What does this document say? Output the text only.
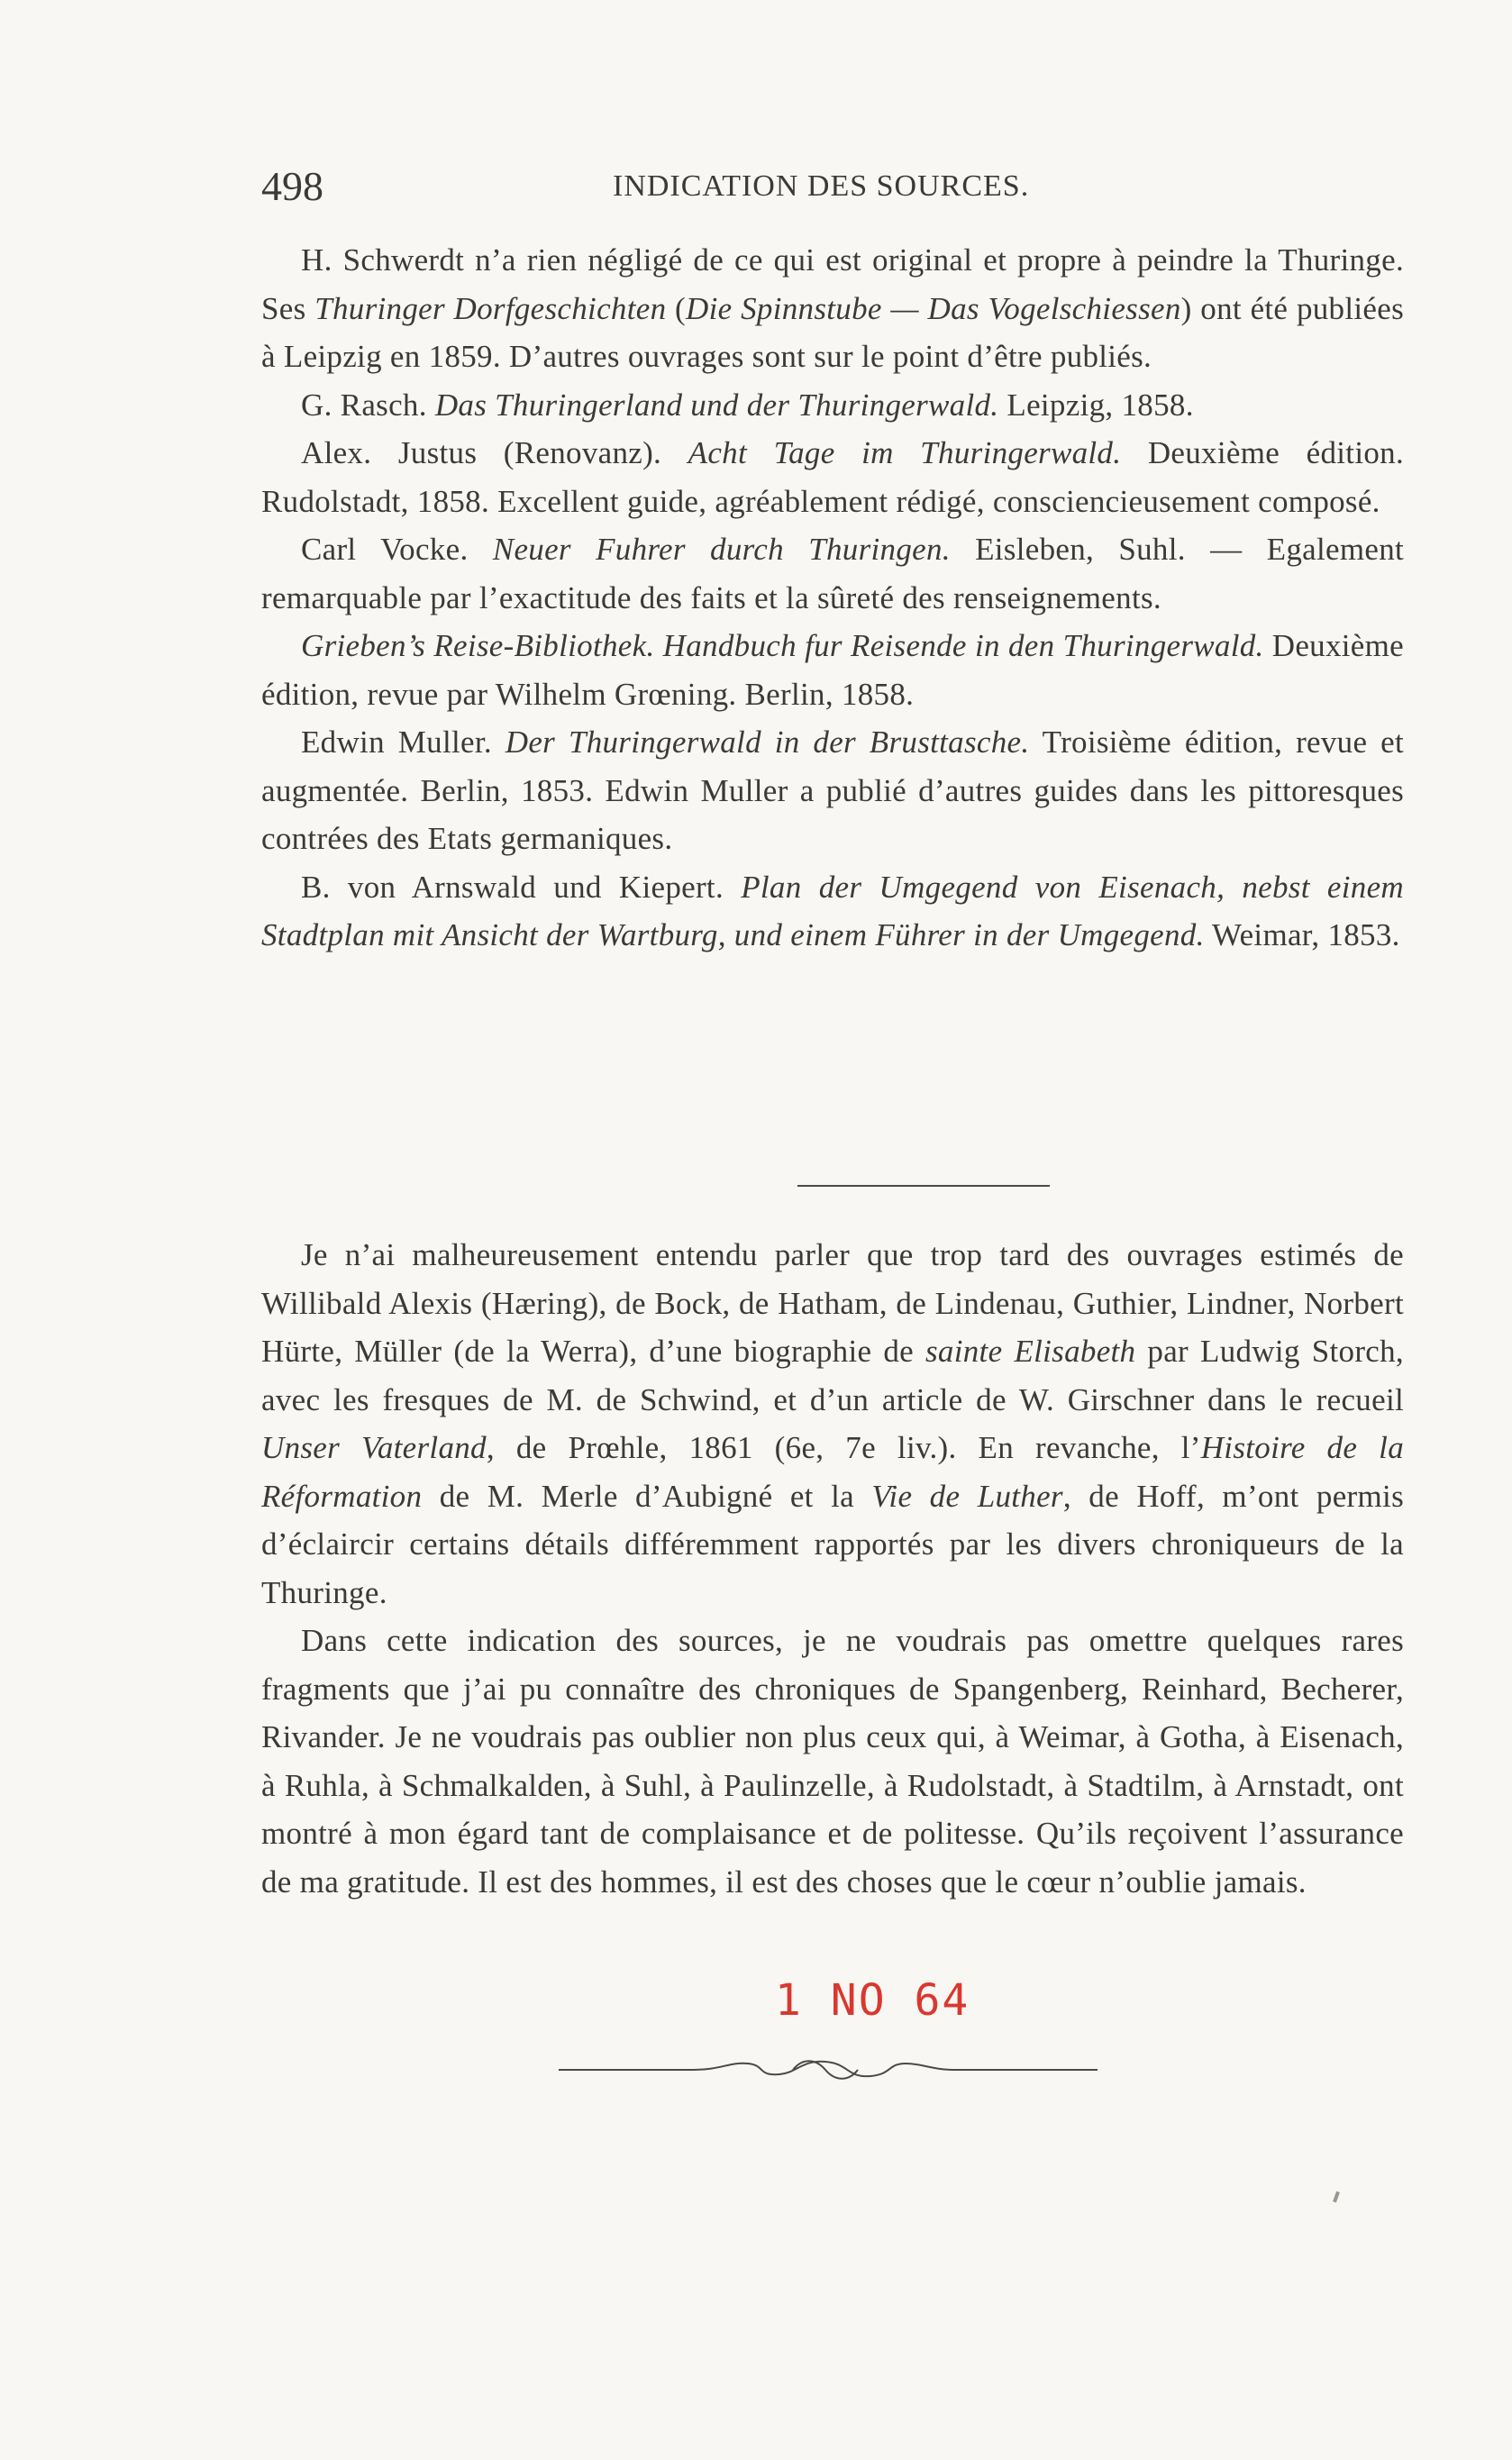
498	INDICATION DES SOURCES.

H. Schwerdt n’a rien négligé de ce qui est original et propre à peindre la Thuringe. Ses Thuringer Dorfgeschichten (Die Spinnstube — Das Vogelschiessen) ont été publiées à Leipzig en 1859. D’autres ouvrages sont sur le point d’être publiés.

G. Rasch. Das Thuringerland und der Thuringerwald. Leipzig, 1858.

Alex. Justus (Renovanz). Acht Tage im Thuringerwald. Deuxième édition. Rudolstadt, 1858. Excellent guide, agréablement rédigé, consciencieusement composé.

Carl Vocke. Neuer Fuhrer durch Thuringen. Eisleben, Suhl. — Egalement remarquable par l’exactitude des faits et la sûreté des renseignements.

Grieben’s Reise-Bibliothek. Handbuch fur Reisende in den Thuringerwald. Deuxième édition, revue par Wilhelm Grœning. Berlin, 1858.

Edwin Muller. Der Thuringerwald in der Brusttasche. Troisième édition, revue et augmentée. Berlin, 1853. Edwin Muller a publié d’autres guides dans les pittoresques contrées des Etats germaniques.

B. von Arnswald und Kiepert. Plan der Umgegend von Eisenach, nebst einem Stadtplan mit Ansicht der Wartburg, und einem Führer in der Umgegend. Weimar, 1853.

Je n’ai malheureusement entendu parler que trop tard des ouvrages estimés de Willibald Alexis (Hæring), de Bock, de Hatham, de Lindenau, Guthier, Lindner, Norbert Hürte, Müller (de la Werra), d’une biographie de sainte Elisabeth par Ludwig Storch, avec les fresques de M. de Schwind, et d’un article de W. Girschner dans le recueil Unser Vaterland, de Prœhle, 1861 (6e, 7e liv.). En revanche, l’Histoire de la Réformation de M. Merle d’Aubigné et la Vie de Luther, de Hoff, m’ont permis d’éclaircir certains détails différemment rapportés par les divers chroniqueurs de la Thuringe.

Dans cette indication des sources, je ne voudrais pas omettre quelques rares fragments que j’ai pu connaître des chroniques de Spangenberg, Reinhard, Becherer, Rivander. Je ne voudrais pas oublier non plus ceux qui, à Weimar, à Gotha, à Eisenach, à Ruhla, à Schmalkalden, à Suhl, à Paulinzelle, à Rudolstadt, à Stadtilm, à Arnstadt, ont montré à mon égard tant de complaisance et de politesse. Qu’ils reçoivent l’assurance de ma gratitude. Il est des hommes, il est des choses que le cœur n’oublie jamais.

1 NO 64
